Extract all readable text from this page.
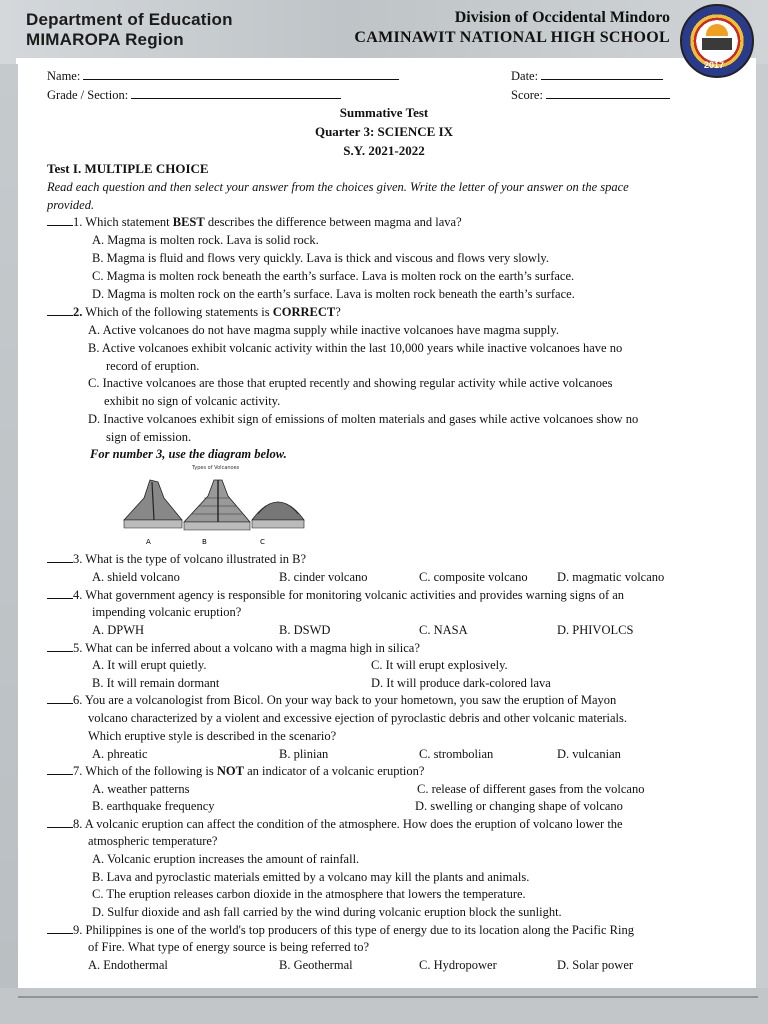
Department of Education
MIMAROPA Region
Division of Occidental Mindoro
CAMINAWIT NATIONAL HIGH SCHOOL
2017
Name:	Date:
Grade / Section:	Score:
Summative Test
Quarter 3: SCIENCE IX
S.Y. 2021-2022
Test I. MULTIPLE CHOICE
Read each question and then select your answer from the choices given. Write the letter of your answer on the space
provided.
1. Which statement BEST describes the difference between magma and lava?
A. Magma is molten rock. Lava is solid rock.
B. Magma is fluid and flows very quickly. Lava is thick and viscous and flows very slowly.
C. Magma is molten rock beneath the earth’s surface. Lava is molten rock on the earth’s surface.
D. Magma is molten rock on the earth’s surface. Lava is molten rock beneath the earth’s surface.
2. Which of the following statements is CORRECT?
A. Active volcanoes do not have magma supply while inactive volcanoes have magma supply.
B. Active volcanoes exhibit volcanic activity within the last 10,000 years while inactive volcanoes have no
record of eruption.
C. Inactive volcanoes are those that erupted recently and showing regular activity while active volcanoes
exhibit no sign of volcanic activity.
D. Inactive volcanoes exhibit sign of emissions of molten materials and gases while active volcanoes show no
sign of emission.
For number 3, use the diagram below.
Types of Volcanoes
A	B	C
3. What is the type of volcano illustrated in B?
A. shield volcano	B. cinder volcano	C. composite volcano D. magmatic volcano
4. What government agency is responsible for monitoring volcanic activities and provides warning signs of an
impending volcanic eruption?
A. DPWH	B. DSWD	C. NASA	D. PHIVOLCS
5. What can be inferred about a volcano with a magma high in silica?
A. It will erupt quietly.	C. It will erupt explosively.
B. It will remain dormant	D. It will produce dark-colored lava
6. You are a volcanologist from Bicol. On your way back to your hometown, you saw the eruption of Mayon
volcano characterized by a violent and excessive ejection of pyroclastic debris and other volcanic materials.
Which eruptive style is described in the scenario?
A. phreatic	B. plinian	C. strombolian	D. vulcanian
7. Which of the following is NOT an indicator of a volcanic eruption?
A. weather patterns	C. release of different gases from the volcano
B. earthquake frequency	D. swelling or changing shape of volcano
8. A volcanic eruption can affect the condition of the atmosphere. How does the eruption of volcano lower the
atmospheric temperature?
A. Volcanic eruption increases the amount of rainfall.
B. Lava and pyroclastic materials emitted by a volcano may kill the plants and animals.
C. The eruption releases carbon dioxide in the atmosphere that lowers the temperature.
D. Sulfur dioxide and ash fall carried by the wind during volcanic eruption block the sunlight.
9. Philippines is one of the world's top producers of this type of energy due to its location along the Pacific Ring
of Fire. What type of energy source is being referred to?
A. Endothermal	B. Geothermal	C. Hydropower	D. Solar power
